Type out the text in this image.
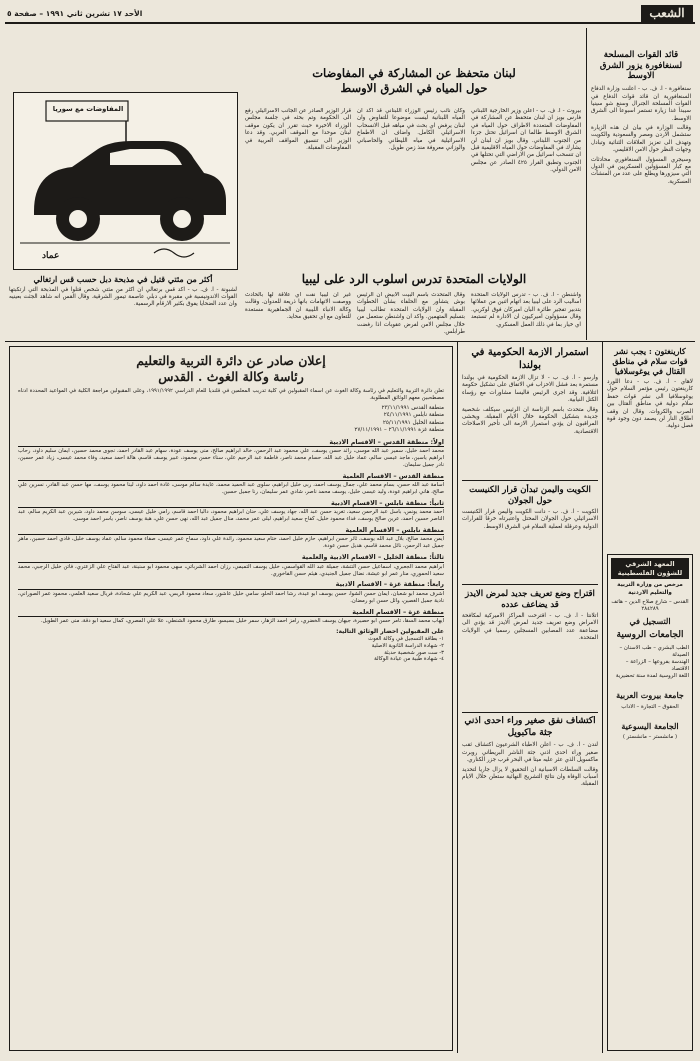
الشعب
الأحد ١٧ تشرين ثاني ١٩٩١ – صفحة ٥
قائد القوات المسلحة لسنغافورة يزور الشرق الاوسط

سنغافورة - ا. ف. ب - اعلنت وزارة الدفاع السنغافورية ان قائد قوات الدفاع في القوات المسلحة الجنرال وسنغ شو سينيا سيبدأ غدا زيارة تستمر اسبوعا الى الشرق الاوسط.

وقالت الوزارة في بيان ان هذه الزيارة ستشمل الاردن ومصر والسعودية والكويت وتهدف الى تعزيز العلاقات الثنائية وتبادل وجهات النظر حول الامن الاقليمي.

وسيجري المسؤول السنغافوري محادثات مع كبار المسؤولين العسكريين في الدول التي سيزورها ويطلع على عدد من المنشآت العسكرية.

لبنان متحفظ عن المشاركة في المفاوضات
حول المياه في الشرق الاوسط
بيروت - ا. ف. ب - اعلن وزير الخارجية اللبناني فارس بويز ان لبنان متحفظ عن المشاركة في المفاوضات المتعددة الاطراف حول المياه في الشرق الاوسط طالما ان اسرائيل تحتل جزءا من الجنوب اللبناني. وقال بويز ان لبنان لن يشارك في المفاوضات حول المياه الاقليمية قبل ان تنسحب اسرائيل من الاراضي التي تحتلها في الجنوب وتطبق القرار ٤٢٥ الصادر عن مجلس الامن الدولي.
وكان نائب رئيس الوزراء اللبناني قد اكد ان المياه اللبنانية ليست موضوعا للتفاوض وان لبنان يرفض اي بحث في مياهه قبل الانسحاب الاسرائيلي الكامل. واضاف ان الاطماع الاسرائيلية في مياه الليطاني والحاصباني والوزاني معروفة منذ زمن طويل.
قرار الوزير الصادر عن الجانب الاسرائيلي رفع الى الحكومة وتم بحثه في جلسة مجلس الوزراء الاخيرة حيث تقرر ان يكون موقف لبنان موحدا مع الموقف العربي. وقد دعا الوزير الى تنسيق المواقف العربية في المفاوضات المقبلة.
المفاوضات مع سوريا
عماد
الولايات المتحدة تدرس اسلوب الرد على ليبيا
واشنطن - ا. ف. ب - تدرس الولايات المتحدة اساليب الرد على ليبيا بعد اتهام اثنين من عملائها بتدبير تفجير طائرة البان اميركان فوق لوكربي. وقال مسؤولون اميركيون ان الادارة لم تستبعد اي خيار بما في ذلك العمل العسكري.
وقال المتحدث باسم البيت الابيض ان الرئيس بوش يتشاور مع الحلفاء بشأن الخطوات المقبلة وان الولايات المتحدة تطالب ليبيا بتسليم المتهمين. واكد ان واشنطن ستعمل من خلال مجلس الامن لفرض عقوبات اذا رفضت طرابلس.
غير ان ليبيا نفت اي علاقة لها بالحادث ووصفت الاتهامات بانها ذريعة للعدوان. وقالت وكالة الانباء الليبية ان الجماهيرية مستعدة للتعاون مع اي تحقيق محايد.
أكثر من مئتي قتيل في مذبحة دبل حسب قس ارتغالي
لشبونة - ا. ف. ب - اكد قس برتغالي ان اكثر من مئتي شخص قتلوا في المذبحة التي ارتكبتها القوات الاندونيسية في مقبرة في دبلي عاصمة تيمور الشرقية. وقال القس انه شاهد الجثث بعينيه وان عدد الضحايا يفوق بكثير الارقام الرسمية.
كارينغتون : يجب نشر قوات سلام في مناطق القتال في يوغوسلافيا
لاهاي - ا. ف. ب - دعا اللورد كارينغتون رئيس مؤتمر السلام حول يوغوسلافيا الى نشر قوات حفظ سلام دولية في مناطق القتال بين الصرب والكروات. وقال ان وقف اطلاق النار لن يصمد دون وجود قوة فصل دولية.
استمرار الازمة الحكومية في بولندا

وارسو - ا. ف. ب - لا تزال الازمة الحكومية في بولندا مستمرة بعد فشل الاحزاب في الاتفاق على تشكيل حكومة ائتلافية. وقد اجرى الرئيس فاليسا مشاورات مع رؤساء الكتل النيابية.

وقال متحدث باسم الرئاسة ان الرئيس سيكلف شخصية جديدة بتشكيل الحكومة خلال الايام المقبلة. ويخشى المراقبون ان يؤدي استمرار الازمة الى تأخير الاصلاحات الاقتصادية.

الكويت واليمن تبدأن قرار الكنيست حول الجولان
الكويت - ا. ف. ب - دانت الكويت واليمن قرار الكنيست الاسرائيلي حول الجولان المحتل واعتبرتاه خرقا للقرارات الدولية وعرقلة لعملية السلام في الشرق الاوسط.
اقتراح وضع تعريف جديد لمرض الايدز قد يضاعف عدده
اتلانتا - ا. ف. ب - اقترحت المراكز الاميركية لمكافحة الامراض وضع تعريف جديد لمرض الايدز قد يؤدي الى مضاعفة عدد المصابين المسجلين رسميا في الولايات المتحدة.
اكتشاف نفق صغير وراء احدى اذني جثة ماكبويل

لندن - ا. ف. ب - اعلن الاطباء الشرعيون اكتشاف ثقب صغير وراء احدى اذني جثة الناشر البريطاني روبرت ماكسويل الذي عثر عليه ميتا في البحر قرب جزر الكناري.

وقالت السلطات الاسبانية ان التحقيق لا يزال جاريا لتحديد اسباب الوفاة وان نتائج التشريح النهائية ستعلن خلال الايام المقبلة.

المعهد الشرقي للشؤون الفلسطينية
مرخص من وزارة التربية والتعليم الاردنية
القدس – شارع صلاح الدين – هاتف ٢٨٤٢٨٩
التسجيل في
الجامعات الروسية
الطب البشري – طب الاسنان – الصيدلة
الهندسة بفروعها – الزراعة – الاقتصاد
اللغة الروسية لمدة سنة تحضيرية
جامعة بيروت العربية
الحقوق – التجارة – الاداب
الجامعة اليسوعية
( مانشستر – مانشستر )
إعلان صادر عن دائرة التربية والتعليم
رئاسة وكالة الغوث . القدس

تعلن دائرة التربية والتعليم في رئاسة وكالة الغوث عن اسماء المقبولين في كلية تدريب المعلمين في قلنديا للعام الدراسي ١٩٩١/١٩٩٢، وعلى المقبولين مراجعة الكلية في المواعيد المحددة ادناه مصطحبين معهم الوثائق المطلوبة.

منطقة القدس ٢٣/١١/١٩٩١
منطقة نابلس ٢٤/١١/١٩٩١
منطقة الخليل ٢٥/١١/١٩٩١
منطقة غزة ٢٦/١١/١٩٩١ – ٢٧/١١/١٩٩١
اولاً: منطقة القدس – الاقسام الادبية

محمد احمد خليل، سمير عبد الله موسى، رائد حسن يوسف، علي محمود عبد الرحمن، خالد ابراهيم صالح، منى يوسف عودة، سهام عبد القادر احمد، نجوى محمد حسين، ايمان سليم داود، رحاب ابراهيم ياسين، ماجد عيسى سالم، عماد خليل عبد الله، حسام محمد ناصر، فاطمة عبد الرحيم علي، سناء حسن محمود، عبير يوسف قاسم، هالة احمد سعيد، وفاء محمد عيسى، زياد عمر حسين، نادر جميل سليمان.

منطقة القدس – الاقسام العلمية

اسامة عبد الله حسن، بسام محمد علي، جمال يوسف احمد، ربى خليل ابراهيم، سلوى عبد الحميد محمد، عايدة سالم موسى، غادة احمد داود، لينا محمود يوسف، مها حسن عبد القادر، نسرين علي صالح، هاني ابراهيم عودة، وليد عيسى خليل، يوسف محمد ناصر، شادي عمر سليمان، رنا جميل حسين.

ثانياً: منطقة نابلس – الاقسام الادبية

احمد محمد يونس، باسل عبد الرحمن سعيد، تغريد حسن عبد الله، جهاد يوسف علي، حنان ابراهيم محمود، داليا احمد قاسم، رامي خليل عيسى، سوسن محمد داود، شيرين عبد الكريم سالم، عبد الناصر حسين احمد، عرين صالح يوسف، فداء محمود خليل، كفاح سعيد ابراهيم، ليلى عمر محمد، منال جميل عبد الله، نهى حسن علي، هبة يوسف ناصر، ياسر احمد موسى.

منطقة نابلس – الاقسام العلمية

ايمن محمد صالح، بلال عبد الله يوسف، ثائر حسن ابراهيم، حازم خليل احمد، ختام سعيد محمود، رائدة علي داود، سماح عمر عيسى، صفاء محمود سالم، عماد يوسف خليل، فادي احمد حسين، ماهر جميل عبد الرحمن، نائل محمد قاسم، هديل حسن عودة.

ثالثاً: منطقة الخليل – الاقسام الادبية والعلمية

ابراهيم محمد الجعبري، اسماعيل حسن النتشة، جميلة عبد الله القواسمي، خليل يوسف التميمي، رزان احمد الشرباتي، سهى محمود ابو سنينة، عبد الفتاح علي الزعتري، فاتن خليل الرجبي، محمد سعيد الحموري، منار عمر ابو عيشة، نضال جميل الجنيدي، هيثم حسن الفاخوري.

رابعاً: منطقة غزة – الاقسام الادبية

اشرف محمد ابو شعبان، ايمان حسن الشوا، حسن يوسف ابو عيدة، رشا احمد الحلو، سامي خليل عاشور، سعاد محمود الريس، عبد الكريم علي شحادة، فريال سعيد العلمي، محمود عمر الصوراني، نادية جميل الغصين، وائل حسن ابو رمضان.

منطقة غزة – الاقسام العلمية

ايهاب محمد السقا، تامر حسن ابو حصيرة، جيهان يوسف الخضري، رامز احمد الزهار، سمر خليل بسيسو، طارق محمود الشنطي، علا علي المصري، كمال سعيد ابو دقة، منى عمر الطويل.

على المقبولين احضار الوثائق التالية:
١- بطاقة التسجيل في وكالة الغوث
٢- شهادة الدراسة الثانوية الاصلية
٣- ست صور شخصية حديثة
٤- شهادة طبية من عيادة الوكالة
